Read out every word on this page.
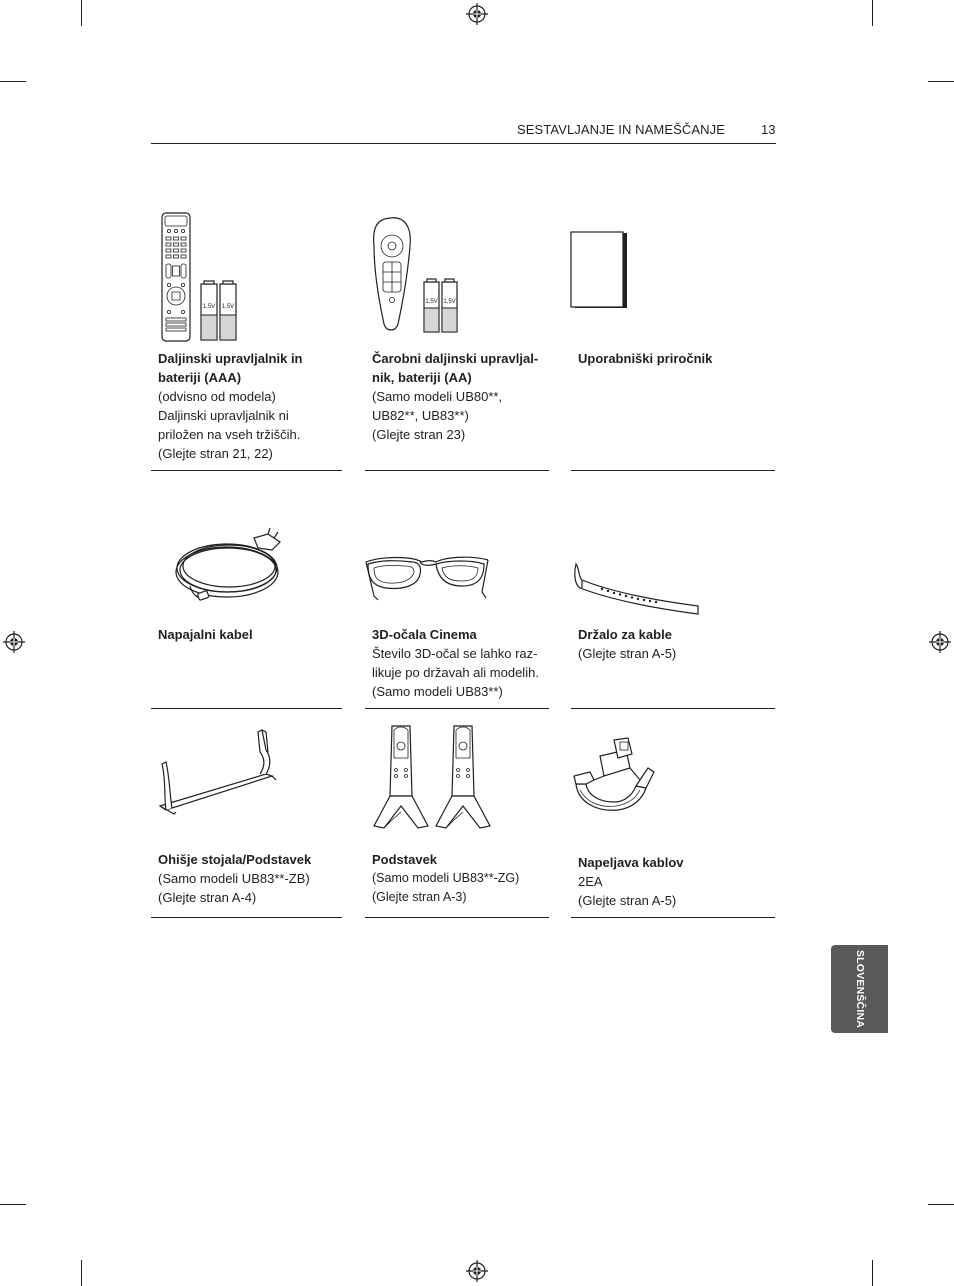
SESTAVLJANJE IN NAMEŠČANJE	13
1,5V 1,5V
1,5V 1,5V
Daljinski upravljalnik in
bateriji (AAA)
(odvisno od modela)
Daljinski upravljalnik ni
priložen na vseh tržiščih.
(Glejte stran 21, 22)
Čarobni daljinski upravljal-
nik, bateriji (AA)
(Samo modeli UB80**,
UB82**, UB83**)
(Glejte stran 23)
Uporabniški priročnik
Napajalni kabel	3D-očala Cinema
Število 3D-očal se lahko raz-
likuje po državah ali modelih.
(Samo modeli UB83**)
Držalo za kable
(Glejte stran A-5)
Ohišje stojala/Podstavek
(Samo modeli UB83**-ZB)
(Glejte stran A-4)
Podstavek
(Samo modeli UB83**-ZG)
(Glejte stran A-3)
Napeljava kablov
2EA
(Glejte stran A-5)
SLOVENŠČINA
